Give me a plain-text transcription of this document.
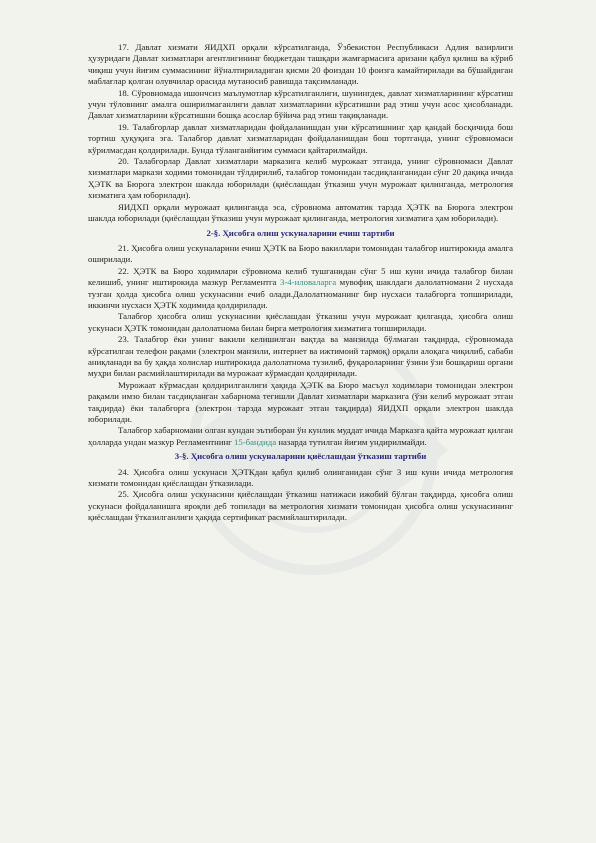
17. Давлат хизмати ЯИДХП орқали кўрсатилганда, Ўзбекистон Республикаси Адлия вазирлиги ҳузуридаги Давлат хизматлари агентлигининг бюджетдан ташқари жамғармасига аризани қабул қилиш ва кўриб чиқиш учун йиғим суммасининг йўналтириладиган қисми 20 фоиздан 10 фоизга камайтирилади ва бўшайдиган маблағлар қолган олувчилар орасида мутаносиб равишда тақсимланади.

18. Сўровномада ишончсиз маълумотлар кўрсатилганлиги, шунингдек, давлат хизматларининг кўрсатиш учун тўловнинг амалга оширилмаганлиги давлат хизматларини кўрсатишни рад этиш учун асос ҳисобланади. Давлат хизматларини кўрсатишни бошқа асослар бўйича рад этиш тақиқланади.

19. Талабгорлар давлат хизматларидан фойдаланишдан уни кўрсатишнинг ҳар қандай босқичида бош тортиш ҳуқуқига эга. Талабгор давлат хизматларидан фойдаланишдан бош тортганда, унинг сўровномаси кўрилмасдан қолдирилади. Бунда тўланганйиғим суммаси қайтарилмайди.

20. Талабгорлар Давлат хизматлари марказига келиб мурожаат этганда, унинг сўровномаси Давлат хизматлари маркази ходими томонидан тўлдирилиб, талабгор томонидан тасдиқланганидан сўнг 20 дақиқа ичида ҲЭТК ва Бюрога электрон шаклда юборилади (қиёслашдан ўтказиш учун мурожаат қилинганда, метрология хизматига ҳам юборилади).

ЯИДХП орқали мурожаат қилинганда эса, сўровнома автоматик тарзда ҲЭТК ва Бюрога электрон шаклда юборилади (қиёслашдан ўтказиш учун мурожаат қилинганда, метрология хизматига ҳам юборилади).

2-§. Ҳисобга олиш ускуналарини ечиш тартиби

21. Ҳисобга олиш ускуналарини ечиш ҲЭТК ва Бюро вакиллари томонидан талабгор иштирокида амалга оширилади.

22. ҲЭТК ва Бюро ходимлари сўровнома келиб тушганидан сўнг 5 иш куни ичида талабгор билан келишиб, унинг иштирокида мазкур Регламентга 3-4-иловаларга мувофиқ шаклдаги далолатномани 2 нусхада тузган ҳолда ҳисобга олиш ускунасини ечиб олади.Далолатноманинг бир нусхаси талабгорга топширилади, иккинчи нусхаси ҲЭТК ходимида қолдирилади.

Талабгор ҳисобга олиш ускунасини қиёслашдан ўтказиш учун мурожаат қилганда, ҳисобга олиш ускунаси ҲЭТК томонидан далолатнома билан бирга метрология хизматига топширилади.

23. Талабгор ёки унинг вакили келишилган вақтда ва манзилда бўлмаган тақдирда, сўровномада кўрсатилган телефон рақами (электрон манзили, интернет ва ижтимоий тармоқ) орқали алоқага чиқилиб, сабаби аниқланади ва бу ҳақда холислар иштирокида далолатнома тузилиб, фуқароларнинг ўзини ўзи бошқариш органи муҳри билан расмийлаштирилади ва мурожаат кўрмасдан қолдирилади.

Мурожаат кўрмасдан қолдирилганлиги ҳақида ҲЭТК ва Бюро масъул ходимлари томонидан электрон рақамли имзо билан тасдиқланган хабарнома тегишли Давлат хизматлари марказига (ўзи келиб мурожаат этган тақдирда) ёки талабгорга (электрон тарзда мурожаат этган тақдирда) ЯИДХП орқали электрон шаклда юборилади.

Талабгор хабарномани олган кундан эътиборан ўн кунлик муддат ичида Марказга қайта мурожаат қилган ҳолларда ундан мазкур Регламентнинг 15-бандида назарда тутилган йиғим ундирилмайди.

3-§. Ҳисобга олиш ускуналарини қиёслашдан ўтказиш тартиби

24. Ҳисобга олиш ускунаси ҲЭТКдан қабул қилиб олинганидан сўнг 3 иш куни ичида метрология хизмати томонидан қиёслашдан ўтказилади.

25. Ҳисобга олиш ускунасини қиёслашдан ўтказиш натижаси ижобий бўлган тақдирда, ҳисобга олиш ускунаси фойдаланишга яроқли деб топилади ва метрология хизмати томонидан ҳисобга олиш ускунасининг қиёслашдан ўтказилганлиги ҳақида сертификат расмийлаштирилади.
